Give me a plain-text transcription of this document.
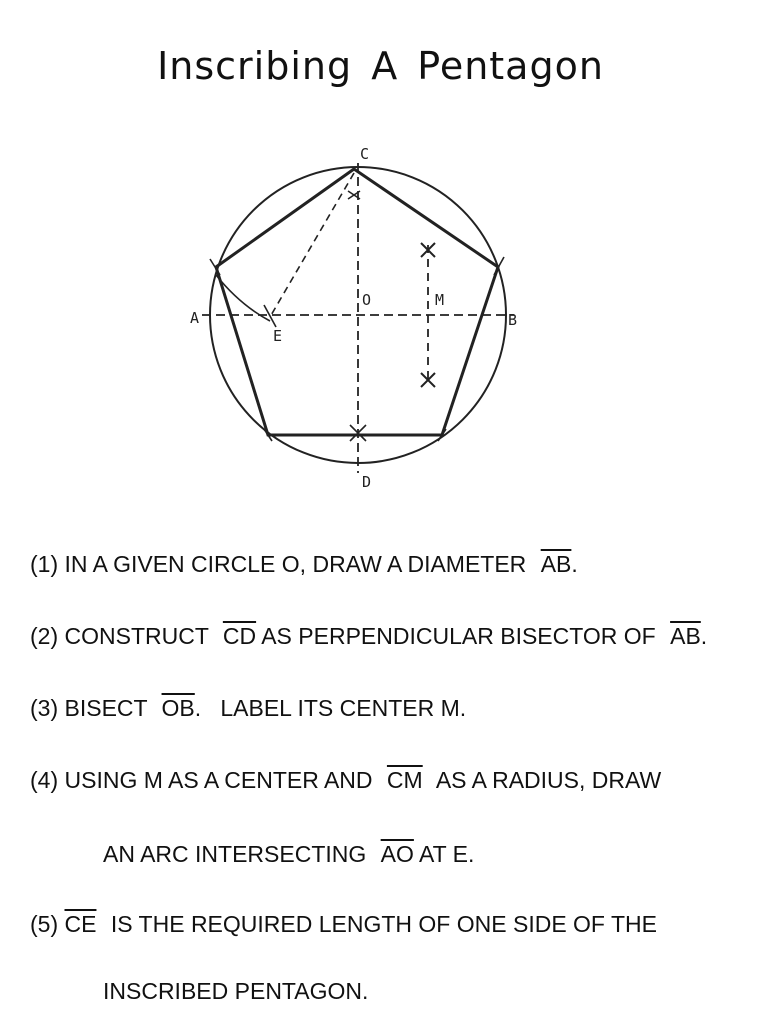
Inscribing A Pentagon
C
A	B
O	M
E
D
(1) IN A GIVEN CIRCLE O, DRAW A DIAMETER $\overline{AB}$.
(2) CONSTRUCT $\overline{CD}$ AS PERPENDICULAR BISECTOR OF $\overline{AB}$.
(3) BISECT $\overline{OB}$.   LABEL ITS CENTER M.
(4) USING M AS A CENTER AND $\overline{CM}$ AS A RADIUS, DRAW
AN ARC INTERSECTING $\overline{AO}$ AT E.
(5) $\overline{CE}$ IS THE REQUIRED LENGTH OF ONE SIDE OF THE
INSCRIBED PENTAGON.
